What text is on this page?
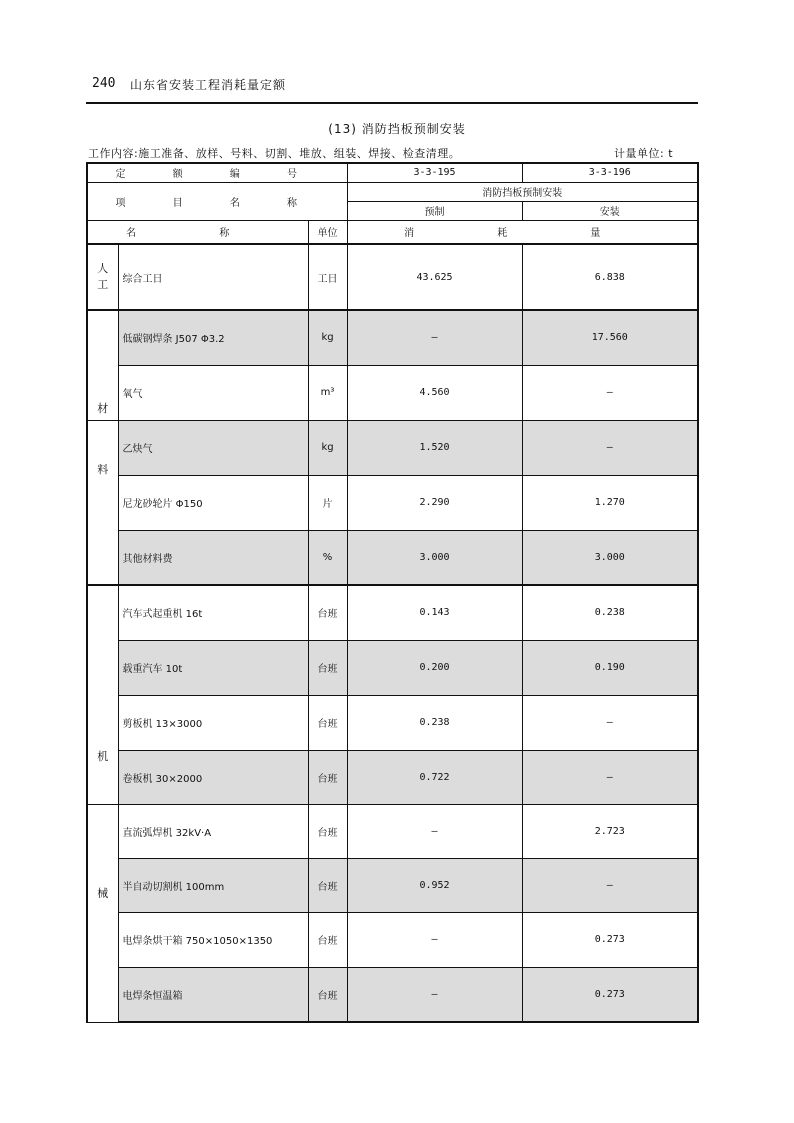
240 山东省安装工程消耗量定额
(13) 消防挡板预制安装
工作内容:施工准备、放样、号料、切割、堆放、组装、焊接、检查清理。	计量单位: t
定 额 编 号			3-3-195	3-3-196
项 目 名 称			消防挡板预制安装	
			预制	安装
名 称		单位	消 耗 量	
人
工	综合工日	工日	43.625	6.838
材	低碳钢焊条 J507 Φ3.2	kg	—	17.560
	氧气	m³	4.560	—
料	乙炔气	kg	1.520	—
	尼龙砂轮片 Φ150	片	2.290	1.270
	其他材料费	%	3.000	3.000
机	汽车式起重机 16t	台班	0.143	0.238
	载重汽车 10t	台班	0.200	0.190
	剪板机 13×3000	台班	0.238	—
	卷板机 30×2000	台班	0.722	—
械	直流弧焊机 32kV·A	台班	—	2.723
	半自动切割机 100mm	台班	0.952	—
	电焊条烘干箱 750×1050×1350	台班	—	0.273
	电焊条恒温箱	台班	—	0.273
